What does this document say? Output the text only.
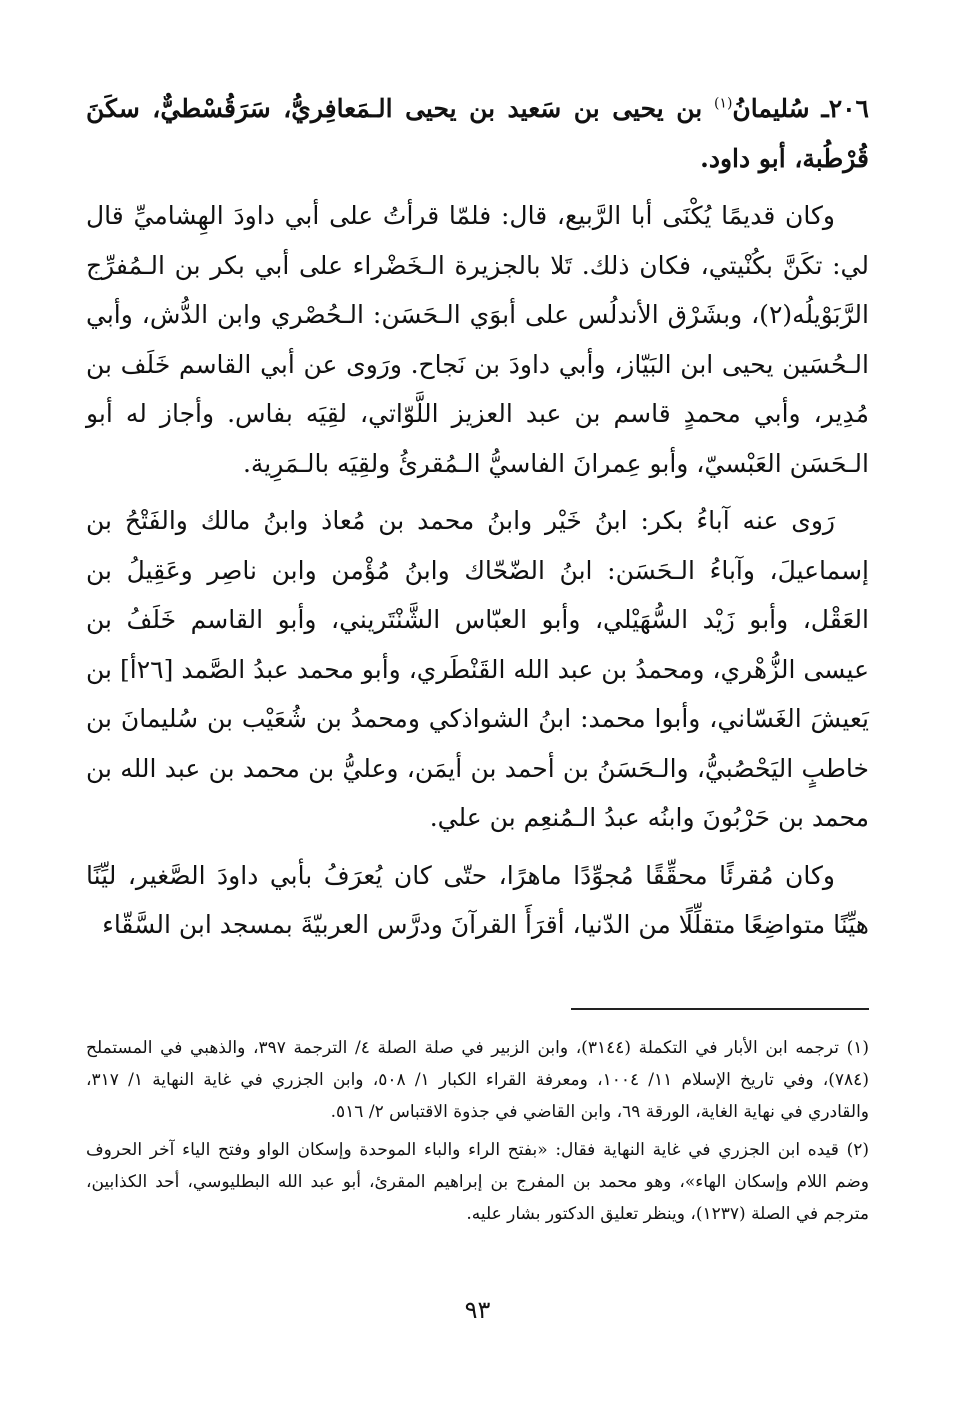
٢٠٦ـ سُليمانُ$^{(١)}$ بن يحيى بن سَعيد بن يحيى الـمَعافِريُّ، سَرَقُسْطيٌّ، سكَنَ قُرْطُبة، أبو داود.

وكان قديمًا يُكْنَى أبا الرَّبيع، قال: فلمّا قرأتُ على أبي داودَ الهِشاميِّ قال لي: تكَنَّ بكُنْيتي، فكان ذلك. تَلا بالجزيرة الـخَضْراء على أبي بكر بن الـمُفرِّج الرَّبَوْيلُه(٢)، وبشَرْق الأندلُس على أبوَي الـحَسَن: الـحُصْري وابن الدُّش، وأبي الـحُسَين يحيى ابن البَيّاز، وأبي داودَ بن نَجاح. ورَوى عن أبي القاسم خَلَف بن مُدِير، وأبي محمدٍ قاسم بن عبد العزيز اللَّوّاتي، لقِيَه بفاس. وأجاز له أبو الـحَسَن العَبْسيّ، وأبو عِمرانَ الفاسيُّ الـمُقرئُ ولقِيَه بالـمَرِية.

رَوى عنه آباءُ بكر: ابنُ خَيْر وابنُ محمد بن مُعاذ وابنُ مالك والفَتْحُ بن إسماعيلَ، وآباءُ الـحَسَن: ابنُ الضّحّاك وابنُ مُؤْمن وابن ناصِر وعَقِيلُ بن العَقْل، وأبو زَيْد السُّهَيْلي، وأبو العبّاس الشَّنْتَريني، وأبو القاسم خَلَفُ بن عيسى الزُّهْري، ومحمدُ بن عبد الله القَنْطَري، وأبو محمد عبدُ الصَّمد [٢٦أ] بن يَعيشَ الغَسّاني، وأبوا محمد: ابنُ الشواذكي ومحمدُ بن شُعَيْب بن سُليمانَ بن خاطبٍ اليَحْصُبيُّ، والـحَسَنُ بن أحمد بن أيمَن، وعليُّ بن محمد بن عبد الله بن محمد بن حَرْبُونَ وابنُه عبدُ الـمُنعِم بن علي.

وكان مُقرئًا محقِّقًا مُجوِّدًا ماهرًا، حتّى كان يُعرَفُ بأبي داودَ الصَّغير، ليِّنًا هيِّنًا متواضِعًا متقلِّلًا من الدّنيا، أقرَأَ القرآنَ ودرَّس العربيّةَ بمسجد ابن السَّقّاء

(١) ترجمه ابن الأبار في التكملة (٣١٤٤)، وابن الزبير في صلة الصلة ٤/ الترجمة ٣٩٧، والذهبي في المستملح (٧٨٤)، وفي تاريخ الإسلام ١١/ ١٠٠٤، ومعرفة القراء الكبار ١/ ٥٠٨، وابن الجزري في غاية النهاية ١/ ٣١٧، والقادري في نهاية الغاية، الورقة ٦٩، وابن القاضي في جذوة الاقتباس ٢/ ٥١٦.

(٢) قيده ابن الجزري في غاية النهاية فقال: «بفتح الراء والباء الموحدة وإسكان الواو وفتح الياء آخر الحروف وضم اللام وإسكان الهاء»، وهو محمد بن المفرج بن إبراهيم المقرئ، أبو عبد الله البطليوسي، أحد الكذابين، مترجم في الصلة (١٢٣٧)، وينظر تعليق الدكتور بشار عليه.

٩٣
